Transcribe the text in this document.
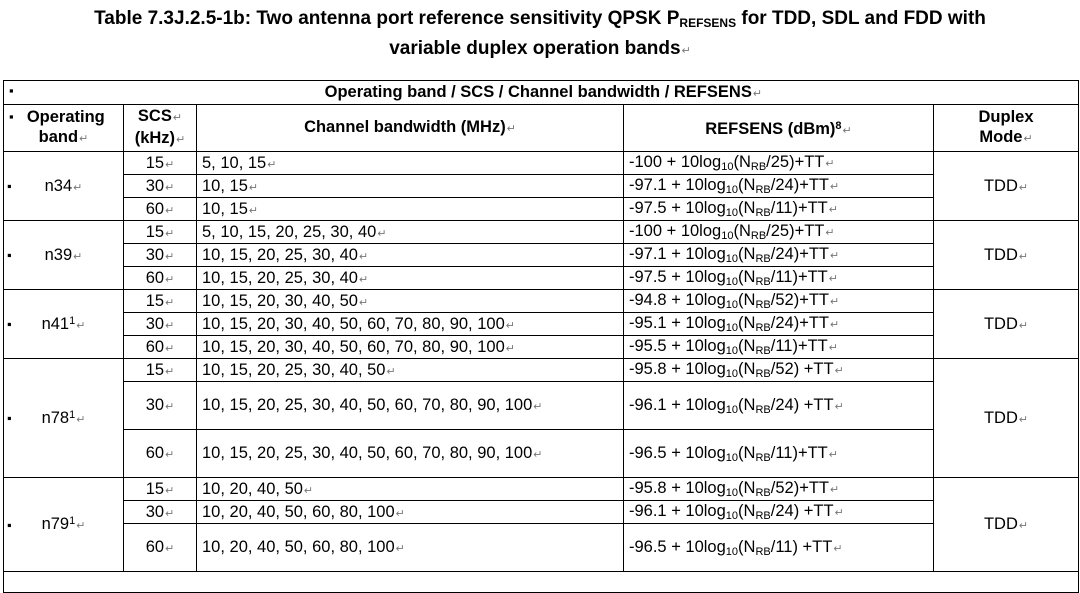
Table 7.3J.2.5-1b: Two antenna port reference sensitivity QPSK PREFSENS for TDD, SDL and FDD with
variable duplex operation bands↵
▪ Operating band / SCS / Channel bandwidth / REFSENS↵				

▪ Operating
band↵	SCS↵
(kHz)↵	Channel bandwidth (MHz)↵	REFSENS (dBm)$^8$↵	Duplex
Mode↵

▪ n34↵	15↵	5, 10, 15↵	$-100 + 10\log_{10}(N_{RB}/25)+TT↵$	TDD↵
	30↵	10, 15↵	$-97.1 + 10\log_{10}(N_{RB}/24)+TT↵$	
	60↵	10, 15↵	$-97.5 + 10\log_{10}(N_{RB}/11)+TT↵$	

▪ n39↵	15↵	5, 10, 15, 20, 25, 30, 40↵	$-100 + 10\log_{10}(N_{RB}/25)+TT↵$	TDD↵
	30↵	10, 15, 20, 25, 30, 40↵	$-97.1 + 10\log_{10}(N_{RB}/24)+TT↵$	
	60↵	10, 15, 20, 25, 30, 40↵	$-97.5 + 10\log_{10}(N_{RB}/11)+TT↵$	

▪ $n41^1↵$	15↵	10, 15, 20, 30, 40, 50↵	$-94.8 + 10\log_{10}(N_{RB}/52)+TT↵$	TDD↵
	30↵	10, 15, 20, 30, 40, 50, 60, 70, 80, 90, 100↵	$-95.1 + 10\log_{10}(N_{RB}/24)+TT↵$	
	60↵	10, 15, 20, 30, 40, 50, 60, 70, 80, 90, 100↵	$-95.5 + 10\log_{10}(N_{RB}/11)+TT↵$	

▪ $n78^1↵$	15↵	10, 15, 20, 25, 30, 40, 50↵	$-95.8 + 10\log_{10}(N_{RB}/52)$ +TT↵	TDD↵
	30↵	10, 15, 20, 25, 30, 40, 50, 60, 70, 80, 90, 100↵	$-96.1 + 10\log_{10}(N_{RB}/24)$ +TT↵	
	60↵	10, 15, 20, 25, 30, 40, 50, 60, 70, 80, 90, 100↵	$-96.5 + 10\log_{10}(N_{RB}/11)+TT↵$	

▪ $n79^1↵$	15↵	10, 20, 40, 50↵	$-95.8 + 10\log_{10}(N_{RB}/52)+TT↵$	TDD↵
	30↵	10, 20, 40, 50, 60, 80, 100↵	$-96.1 + 10\log_{10}(N_{RB}/24)$ +TT↵	
	60↵	10, 20, 40, 50, 60, 80, 100↵	$-96.5 + 10\log_{10}(N_{RB}/11)$ +TT↵	
